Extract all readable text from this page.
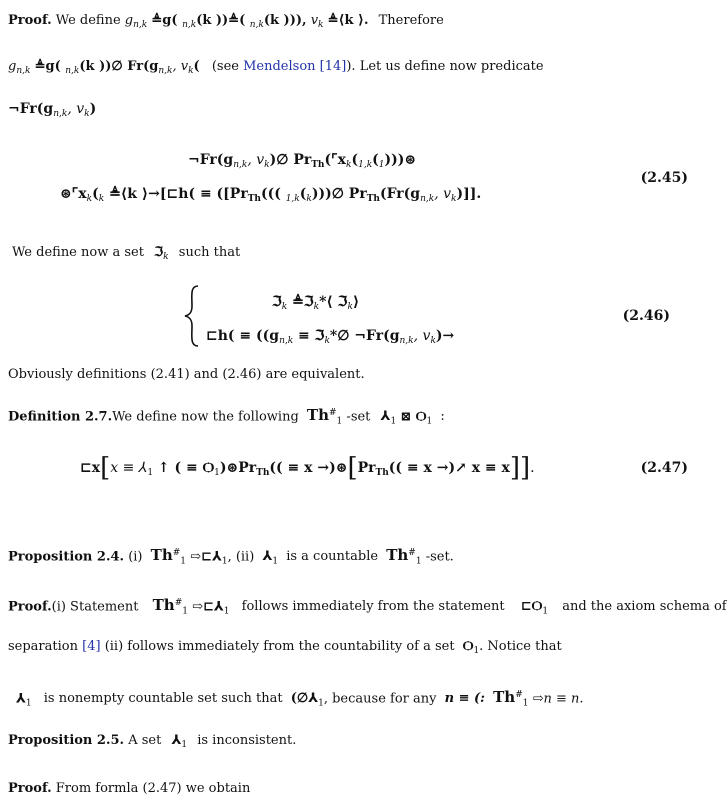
Proof. We define $g_{n,k}$ ≜g( $_{n,k}$(k ))≜( $_{n,k}$(k ))), $v_k$ ≜⟨k ⟩. Therefore
$g_{n,k}$ ≜g( $_{n,k}$(k ))∅ $Fr(g_{n,k}$, $v_k$( (see Mendelson [14]). Let us define now predicate
$\neg Fr(g_{n,k}$, $v_k$)
$\neg Fr(g_{n,k}$, $v_k)\emptyset$ $Pr_{Th}(⌜x_k(_{1,k}(_1)))⊛$
$⊛⌜x_k(_k$ ≜⟨k ⟩→[⊏h( ≡ ([$Pr_{Th}$((( $_{1,k}(_k)))\emptyset$ $Pr_{Th}(Fr(g_{n,k}$, $v_k$)]].
(2.45)
We define now a set ℑ$_k$ such that
ℑ$_k$ ≜ℑ$_k$*⟨ ℑ$_k$⟩
⊏h( ≡ (($g_{n,k}$ ≡ ℑ$_k$*∅ $\neg Fr(g_{n,k}$, $v_k)\to$
(2.46)
Obviously definitions (2.41) and (2.46) are equivalent.
Definition 2.7.We define now the following $Th^{\#}_1$ -set $⅄_1$ ⊠ $Ѻ_1$ :
⊏x[x ≡ $⅄_1$ ↑ ( ≡ $Ѻ_1)⊛Pr_{Th}(( \equiv x$ $\to)⊛[Pr_{Th}(( \equiv x$ →)↗ x ≡ x]].	(2.47)
Proposition 2.4. (i) $Th^{\#}_1$ $⇨⊏⅄_1$, (ii) $⅄_1$ is a countable $Th^{\#}_1$ -set.
Proof.(i) Statement $Th^{\#}_1$ $⇨⊏⅄_1$ follows immediately from the statement $⊏Ѻ_1$ and the axiom schema of
separation [4] (ii) follows immediately from the countability of a set $Ѻ_1$. Notice that
$⅄_1$ is nonempty countable set such that ($\emptyset⅄_1$, because for any n ≡ (: $Th^{\#}_1$ ⇨n ≡ n.
Proposition 2.5. A set $⅄_1$ is inconsistent.
Proof. From formla (2.47) we obtain
